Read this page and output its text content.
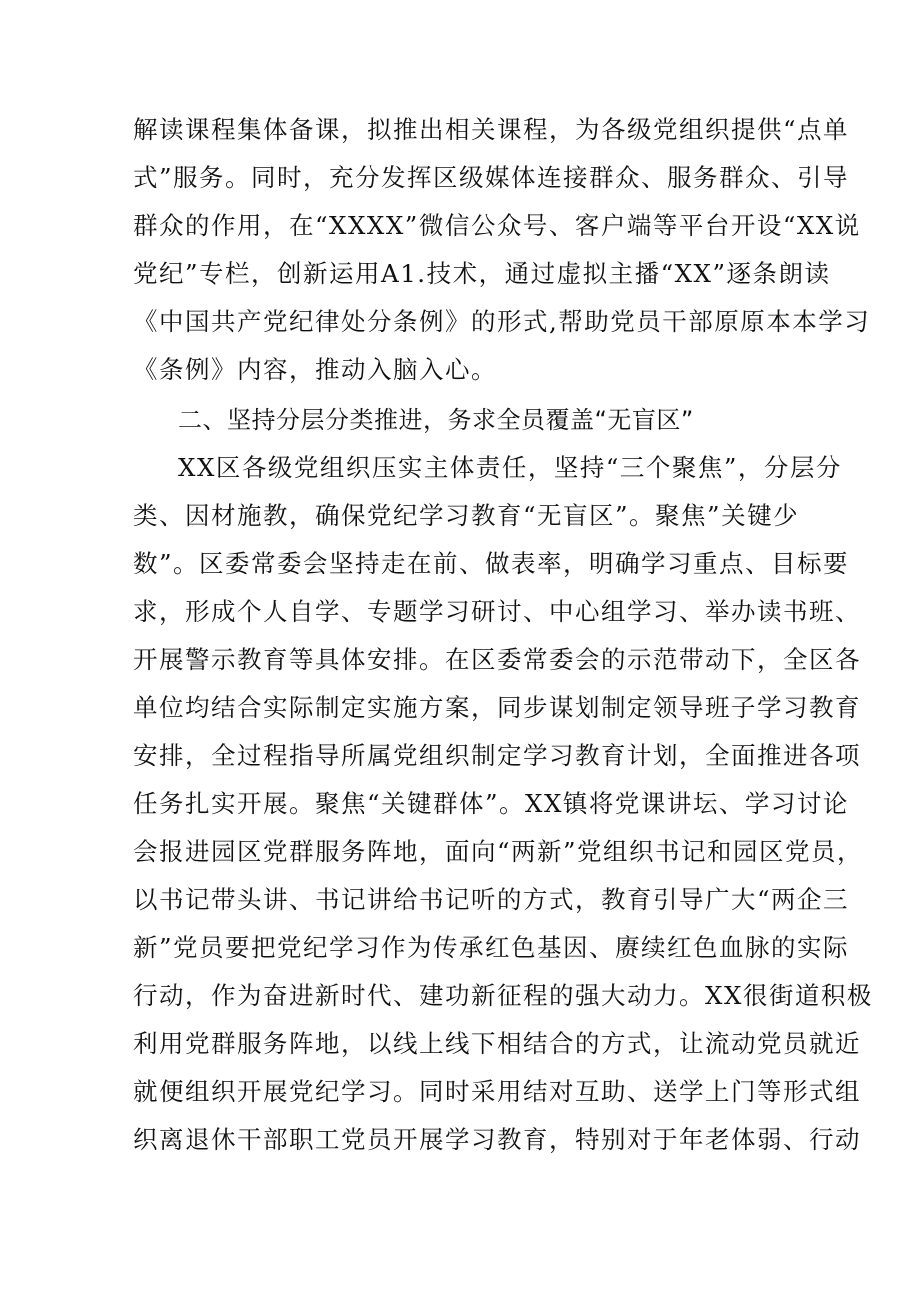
解读课程集体备课，拟推出相关课程，为各级党组织提供“点单
式”服务。同时，充分发挥区级媒体连接群众、服务群众、引导
群众的作用，在“XXXX”微信公众号、客户端等平台开设“XX说
党纪”专栏，创新运用A1.技术，通过虚拟主播“XX”逐条朗读
《中国共产党纪律处分条例》的形式,帮助党员干部原原本本学习
《条例》内容，推动入脑入心。
二、坚持分层分类推进，务求全员覆盖“无盲区”
XX区各级党组织压实主体责任，坚持“三个聚焦”，分层分
类、因材施教，确保党纪学习教育“无盲区”。聚焦”关键少
数”。区委常委会坚持走在前、做表率，明确学习重点、目标要
求，形成个人自学、专题学习研讨、中心组学习、举办读书班、
开展警示教育等具体安排。在区委常委会的示范带动下，全区各
单位均结合实际制定实施方案，同步谋划制定领导班子学习教育
安排，全过程指导所属党组织制定学习教育计划，全面推进各项
任务扎实开展。聚焦“关键群体”。XX镇将党课讲坛、学习讨论
会报进园区党群服务阵地，面向“两新”党组织书记和园区党员，
以书记带头讲、书记讲给书记听的方式，教育引导广大“两企三
新”党员要把党纪学习作为传承红色基因、赓续红色血脉的实际
行动，作为奋进新时代、建功新征程的强大动力。XX很街道积极
利用党群服务阵地，以线上线下相结合的方式，让流动党员就近
就便组织开展党纪学习。同时采用结对互助、送学上门等形式组
织离退休干部职工党员开展学习教育，特别对于年老体弱、行动
